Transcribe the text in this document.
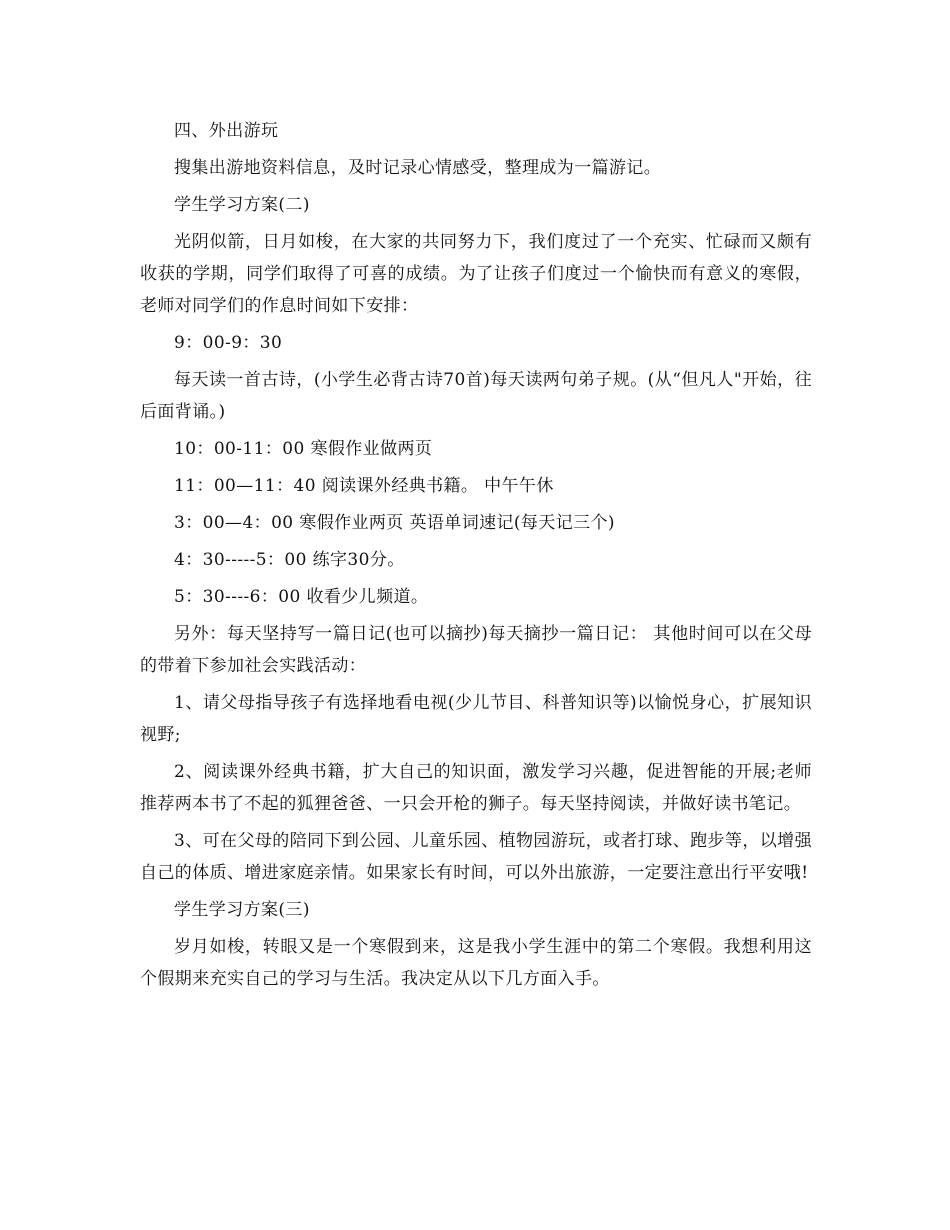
四、外出游玩

搜集出游地资料信息，及时记录心情感受，整理成为一篇游记。

学生学习方案(二)

光阴似箭，日月如梭，在大家的共同努力下，我们度过了一个充实、忙碌而又颇有收获的学期，同学们取得了可喜的成绩。为了让孩子们度过一个愉快而有意义的寒假，老师对同学们的作息时间如下安排：

9：00-9：30

每天读一首古诗，(小学生必背古诗70首)每天读两句弟子规。(从“但凡人"开始，往后面背诵。)

10：00-11：00 寒假作业做两页

11：00—11：40 阅读课外经典书籍。 中午午休

3：00—4：00 寒假作业两页 英语单词速记(每天记三个)

4：30-----5：00 练字30分。

5：30----6：00 收看少儿频道。

另外：每天坚持写一篇日记(也可以摘抄)每天摘抄一篇日记： 其他时间可以在父母的带着下参加社会实践活动：

1、请父母指导孩子有选择地看电视(少儿节目、科普知识等)以愉悦身心，扩展知识视野;

2、阅读课外经典书籍，扩大自己的知识面，激发学习兴趣，促进智能的开展;老师推荐两本书了不起的狐狸爸爸、一只会开枪的狮子。每天坚持阅读，并做好读书笔记。

3、可在父母的陪同下到公园、儿童乐园、植物园游玩，或者打球、跑步等，以增强自己的体质、增进家庭亲情。如果家长有时间，可以外出旅游，一定要注意出行平安哦!

学生学习方案(三)

岁月如梭，转眼又是一个寒假到来，这是我小学生涯中的第二个寒假。我想利用这个假期来充实自己的学习与生活。我决定从以下几方面入手。
